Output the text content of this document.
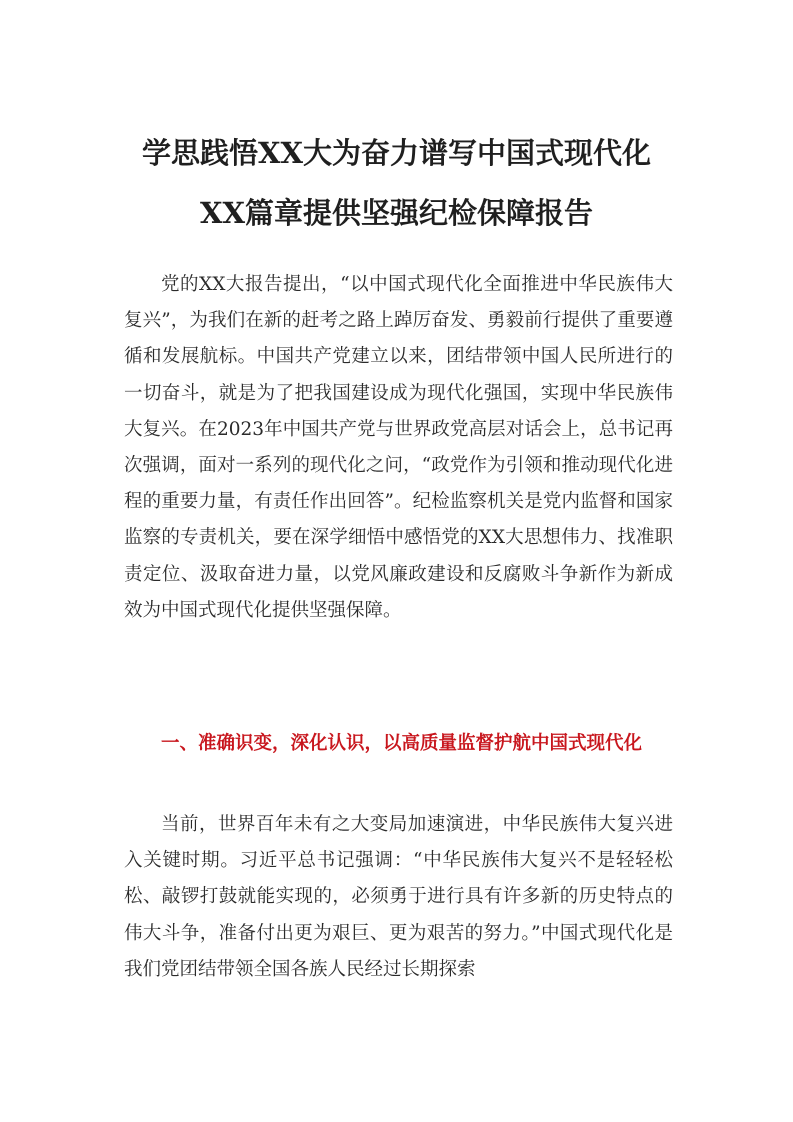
学思践悟XX大为奋力谱写中国式现代化
XX篇章提供坚强纪检保障报告

党的XX大报告提出，“以中国式现代化全面推进中华民族伟大复兴”，为我们在新的赶考之路上踔厉奋发、勇毅前行提供了重要遵循和发展航标。中国共产党建立以来，团结带领中国人民所进行的一切奋斗，就是为了把我国建设成为现代化强国，实现中华民族伟大复兴。在2023年中国共产党与世界政党高层对话会上，总书记再次强调，面对一系列的现代化之问，“政党作为引领和推动现代化进程的重要力量，有责任作出回答”。纪检监察机关是党内监督和国家监察的专责机关，要在深学细悟中感悟党的XX大思想伟力、找准职责定位、汲取奋进力量，以党风廉政建设和反腐败斗争新作为新成效为中国式现代化提供坚强保障。

一、准确识变，深化认识，以高质量监督护航中国式现代化

当前，世界百年未有之大变局加速演进，中华民族伟大复兴进入关键时期。习近平总书记强调：“中华民族伟大复兴不是轻轻松松、敲锣打鼓就能实现的，必须勇于进行具有许多新的历史特点的伟大斗争，准备付出更为艰巨、更为艰苦的努力。”中国式现代化是我们党团结带领全国各族人民经过长期探索
